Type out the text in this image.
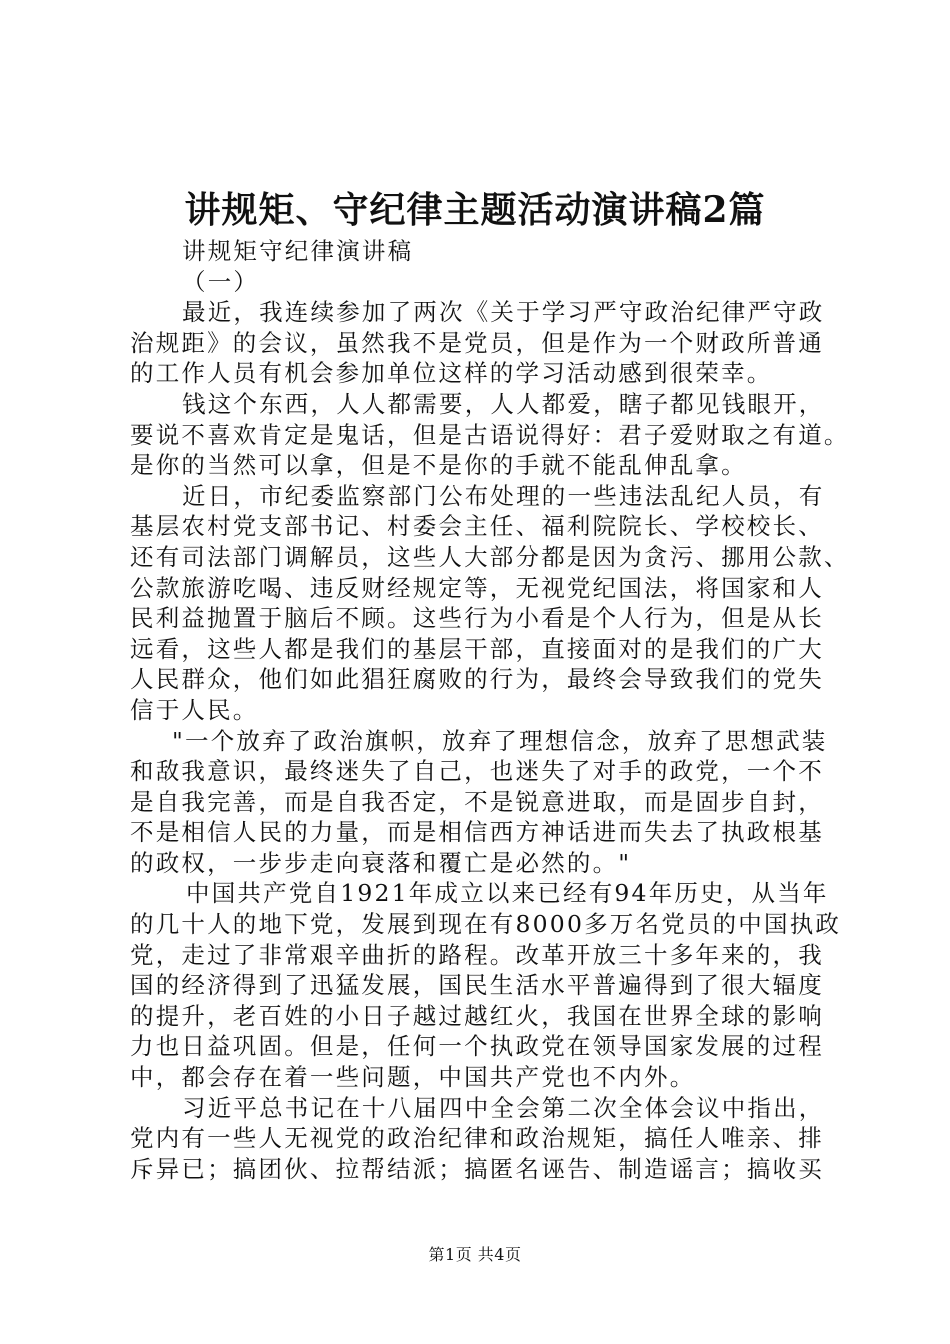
讲规矩、守纪律主题活动演讲稿2篇
讲规矩守纪律演讲稿
（一）
最近，我连续参加了两次《关于学习严守政治纪律严守政
治规距》的会议，虽然我不是党员，但是作为一个财政所普通
的工作人员有机会参加单位这样的学习活动感到很荣幸。
钱这个东西，人人都需要，人人都爱，瞎子都见钱眼开，
要说不喜欢肯定是鬼话，但是古语说得好：君子爱财取之有道。
是你的当然可以拿，但是不是你的手就不能乱伸乱拿。
近日，市纪委监察部门公布处理的一些违法乱纪人员，有
基层农村党支部书记、村委会主任、福利院院长、学校校长、
还有司法部门调解员，这些人大部分都是因为贪污、挪用公款、
公款旅游吃喝、违反财经规定等，无视党纪国法，将国家和人
民利益抛置于脑后不顾。这些行为小看是个人行为，但是从长
远看，这些人都是我们的基层干部，直接面对的是我们的广大
人民群众，他们如此猖狂腐败的行为，最终会导致我们的党失
信于人民。
"一个放弃了政治旗帜，放弃了理想信念，放弃了思想武装
和敌我意识，最终迷失了自己，也迷失了对手的政党，一个不
是自我完善，而是自我否定，不是锐意进取，而是固步自封，
不是相信人民的力量，而是相信西方神话进而失去了执政根基
的政权，一步步走向衰落和覆亡是必然的。"
中国共产党自1921年成立以来已经有94年历史，从当年
的几十人的地下党，发展到现在有8000多万名党员的中国执政
党，走过了非常艰辛曲折的路程。改革开放三十多年来的，我
国的经济得到了迅猛发展，国民生活水平普遍得到了很大辐度
的提升，老百姓的小日子越过越红火，我国在世界全球的影响
力也日益巩固。但是，任何一个执政党在领导国家发展的过程
中，都会存在着一些问题，中国共产党也不内外。
习近平总书记在十八届四中全会第二次全体会议中指出，
党内有一些人无视党的政治纪律和政治规矩，搞任人唯亲、排
斥异已；搞团伙、拉帮结派；搞匿名诬告、制造谣言；搞收买
第1页 共4页
